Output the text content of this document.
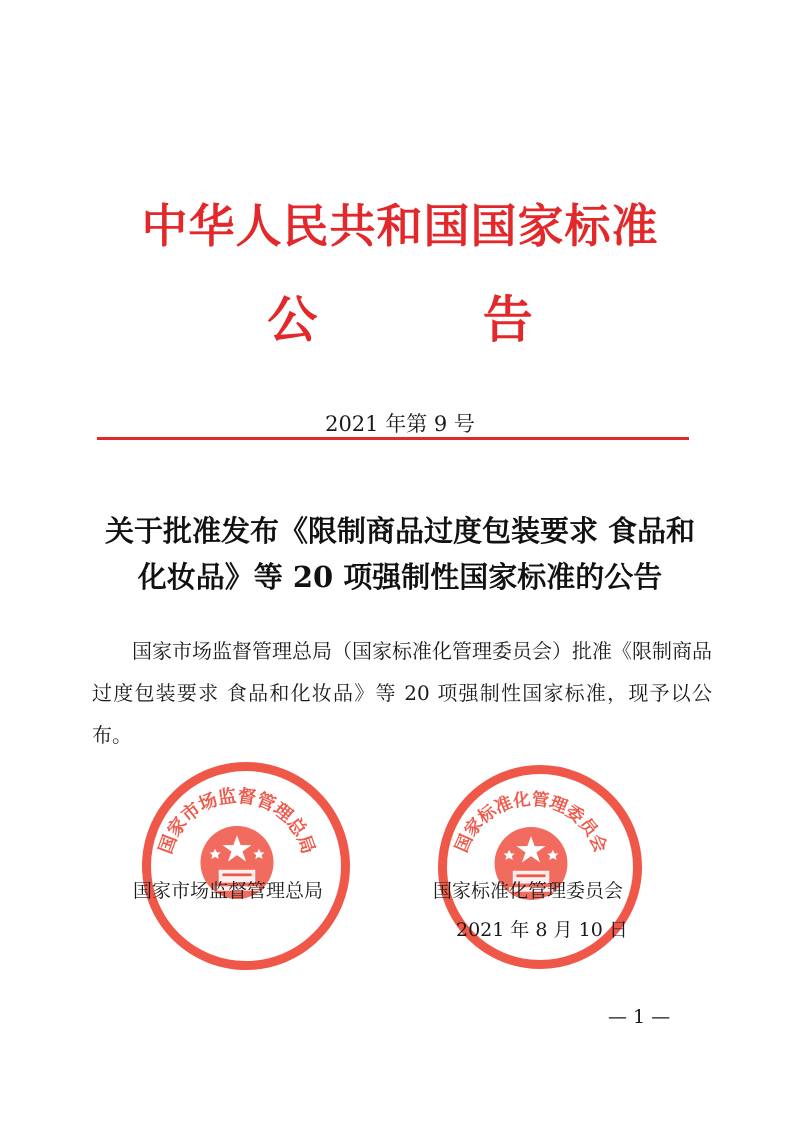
中华人民共和国国家标准
公 告
2021 年第 9 号
关于批准发布《限制商品过度包装要求 食品和
化妆品》等 20 项强制性国家标准的公告
国家市场监督管理总局（国家标准化管理委员会）批准《限制商品过度包装要求 食品和化妆品》等 20 项强制性国家标准，现予以公布。
国家市场监督管理总局	国家标准化管理委员会
国家市场监督管理总局	国家标准化管理委员会
2021 年 8 月 10 日
— 1 —
